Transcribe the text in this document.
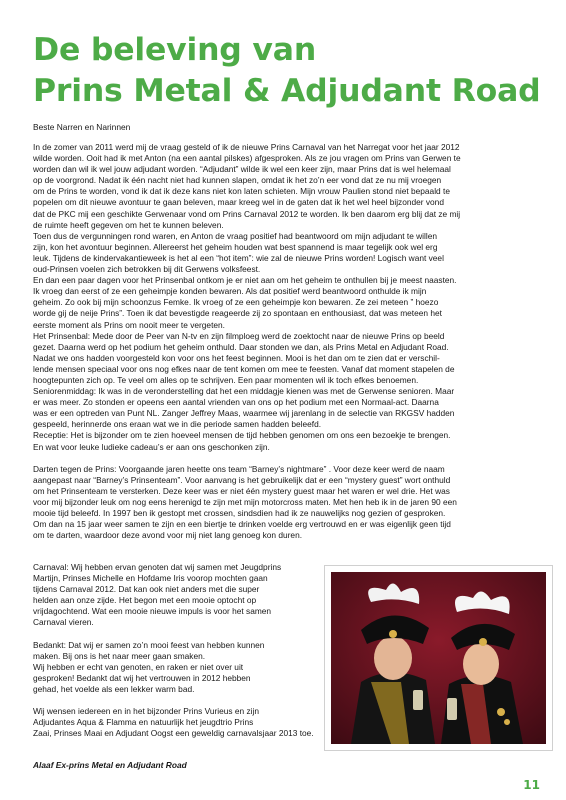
De beleving van
Prins Metal & Adjudant Road

Beste Narren en Narinnen

In de zomer van 2011 werd mij de vraag gesteld of ik de nieuwe Prins Carnaval van het Narregat voor het jaar 2012
wilde worden. Ooit had ik met Anton (na een aantal pilskes) afgesproken. Als ze jou vragen om Prins van Gerwen te
worden dan wil ik wel jouw adjudant worden. “Adjudant” wilde ik wel een keer zijn, maar Prins dat is wel helemaal
op de voorgrond. Nadat ik één nacht niet had kunnen slapen, omdat ik het zo’n eer vond dat ze nu mij vroegen
om de Prins te worden, vond ik dat ik deze kans niet kon laten schieten. Mijn vrouw Paulien stond niet bepaald te
popelen om dit nieuwe avontuur te gaan beleven, maar kreeg wel in de gaten dat ik het wel heel bijzonder vond
dat de PKC mij een geschikte Gerwenaar vond om Prins Carnaval 2012 te worden. Ik ben daarom erg blij dat ze mij
de ruimte heeft gegeven om het te kunnen beleven.
Toen dus de vergunningen rond waren, en Anton de vraag positief had beantwoord om mijn adjudant te willen
zijn, kon het avontuur beginnen. Allereerst het geheim houden wat best spannend is maar tegelijk ook wel erg
leuk. Tijdens de kindervakantieweek is het al een “hot item”: wie zal de nieuwe Prins worden! Logisch want veel
oud-Prinsen voelen zich betrokken bij dit Gerwens volksfeest.
En dan een paar dagen voor het Prinsenbal ontkom je er niet aan om het geheim te onthullen bij je meest naasten.
Ik vroeg dan eerst of ze een geheimpje konden bewaren. Als dat positief werd beantwoord onthulde ik mijn
geheim. Zo ook bij mijn schoonzus Femke. Ik vroeg of ze een geheimpje kon bewaren. Ze zei meteen ” hoezo
worde gij de neije Prins”. Toen ik dat bevestigde reageerde zij zo spontaan en enthousiast, dat was meteen het
eerste moment als Prins om nooit meer te vergeten.
Het Prinsenbal: Mede door de Peer van N-tv en zijn filmploeg werd de zoektocht naar de nieuwe Prins op beeld
gezet. Daarna werd op het podium het geheim onthuld. Daar stonden we dan, als Prins Metal en Adjudant Road.
Nadat we ons hadden voorgesteld kon voor ons het feest beginnen. Mooi is het dan om te zien dat er verschil-
lende mensen speciaal voor ons nog efkes naar de tent komen om mee te feesten. Vanaf dat moment stapelen de
hoogtepunten zich op. Te veel om alles op te schrijven. Een paar momenten wil ik toch efkes benoemen.
Seniorenmiddag: Ik was in de veronderstelling dat het een middagje kienen was met de Gerwense senioren. Maar
er was meer. Zo stonden er opeens een aantal vrienden van ons op het podium met een Normaal-act. Daarna
was er een optreden van Punt NL. Zanger Jeffrey Maas, waarmee wij jarenlang in de selectie van RKGSV hadden
gespeeld, herinnerde ons eraan wat we in die periode samen hadden beleefd.
Receptie: Het is bijzonder om te zien hoeveel mensen de tijd hebben genomen om ons een bezoekje te brengen.
En wat voor leuke ludieke cadeau’s er aan ons geschonken zijn.
Darten tegen de Prins: Voorgaande jaren heette ons team “Barney’s nightmare” . Voor deze keer werd de naam
aangepast naar “Barney’s Prinsenteam”. Voor aanvang is het gebruikelijk dat er een “mystery guest” wort onthuld
om het Prinsenteam te versterken. Deze keer was er niet één mystery guest maar het waren er wel drie. Het was
voor mij bijzonder leuk om nog eens herenigd te zijn met mijn motorcross maten. Met hen heb ik in de jaren 90 een
mooie tijd beleefd. In 1997 ben ik gestopt met crossen, sindsdien had ik ze nauwelijks nog gezien of gesproken.
Om dan na 15 jaar weer samen te zijn en een biertje te drinken voelde erg vertrouwd en er was eigenlijk geen tijd
om te darten, waardoor deze avond voor mij niet lang genoeg kon duren.
Carnaval: Wij hebben ervan genoten dat wij samen met Jeugdprins
Martijn, Prinses Michelle en Hofdame Iris voorop mochten gaan
tijdens Carnaval 2012. Dat kan ook niet anders met die super
helden aan onze zijde. Het begon met een mooie optocht op
vrijdagochtend. Wat een mooie nieuwe impuls is voor het samen
Carnaval vieren.
Bedankt: Dat wij er samen zo’n mooi feest van hebben kunnen
maken. Bij ons is het naar meer gaan smaken.
Wij hebben er echt van genoten, en raken er niet over uit
gesproken! Bedankt dat wij het vertrouwen in 2012 hebben
gehad, het voelde als een lekker warm bad.
Wij wensen iedereen en in het bijzonder Prins Vurieus en zijn
Adjudantes Aqua & Flamma en natuurlijk het jeugdtrio Prins
Zaai, Prinses Maai en Adjudant Oogst een geweldig carnavalsjaar 2013 toe.

Alaaf Ex-prins Metal en Adjudant Road

11
